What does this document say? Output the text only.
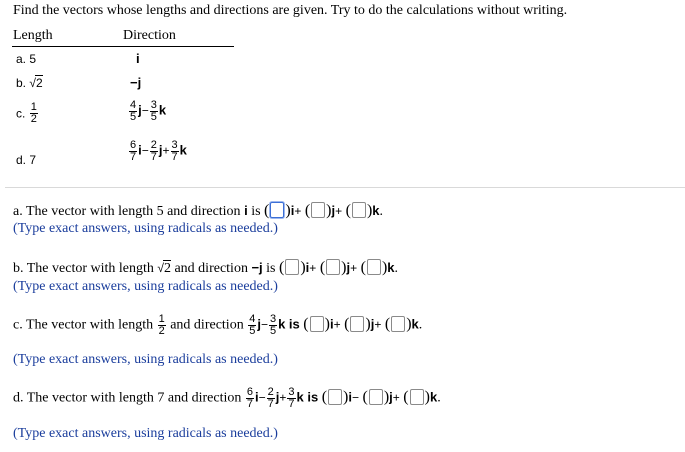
Find the vectors whose lengths and directions are given. Try to do the calculations without writing.
Length	Direction
a. 5	i
b. √2	−j
c. $\frac{1}{2}$	$\frac{4}{5} j- \frac{3}{5}$ k
d. 7	$\frac{6}{7} i- \frac{2}{7} j+ \frac{3}{7}$ k
a. The vector with length 5 and direction i is ( )i+ ( )j+ ( )k.
(Type exact answers, using radicals as needed.)
b. The vector with length √2 and direction −j is ( )i+ ( )j+ ( )k.
(Type exact answers, using radicals as needed.)
c. The vector with length $\frac{1}{2}$ and direction $\frac{4}{5} j- \frac{3}{5}$ k is ( )i+ ( )j+ ( )k.
(Type exact answers, using radicals as needed.)
d. The vector with length 7 and direction $\frac{6}{7} i- \frac{2}{7} j+ \frac{3}{7}$ k is ( )i− ( )j+ ( )k.
(Type exact answers, using radicals as needed.)
